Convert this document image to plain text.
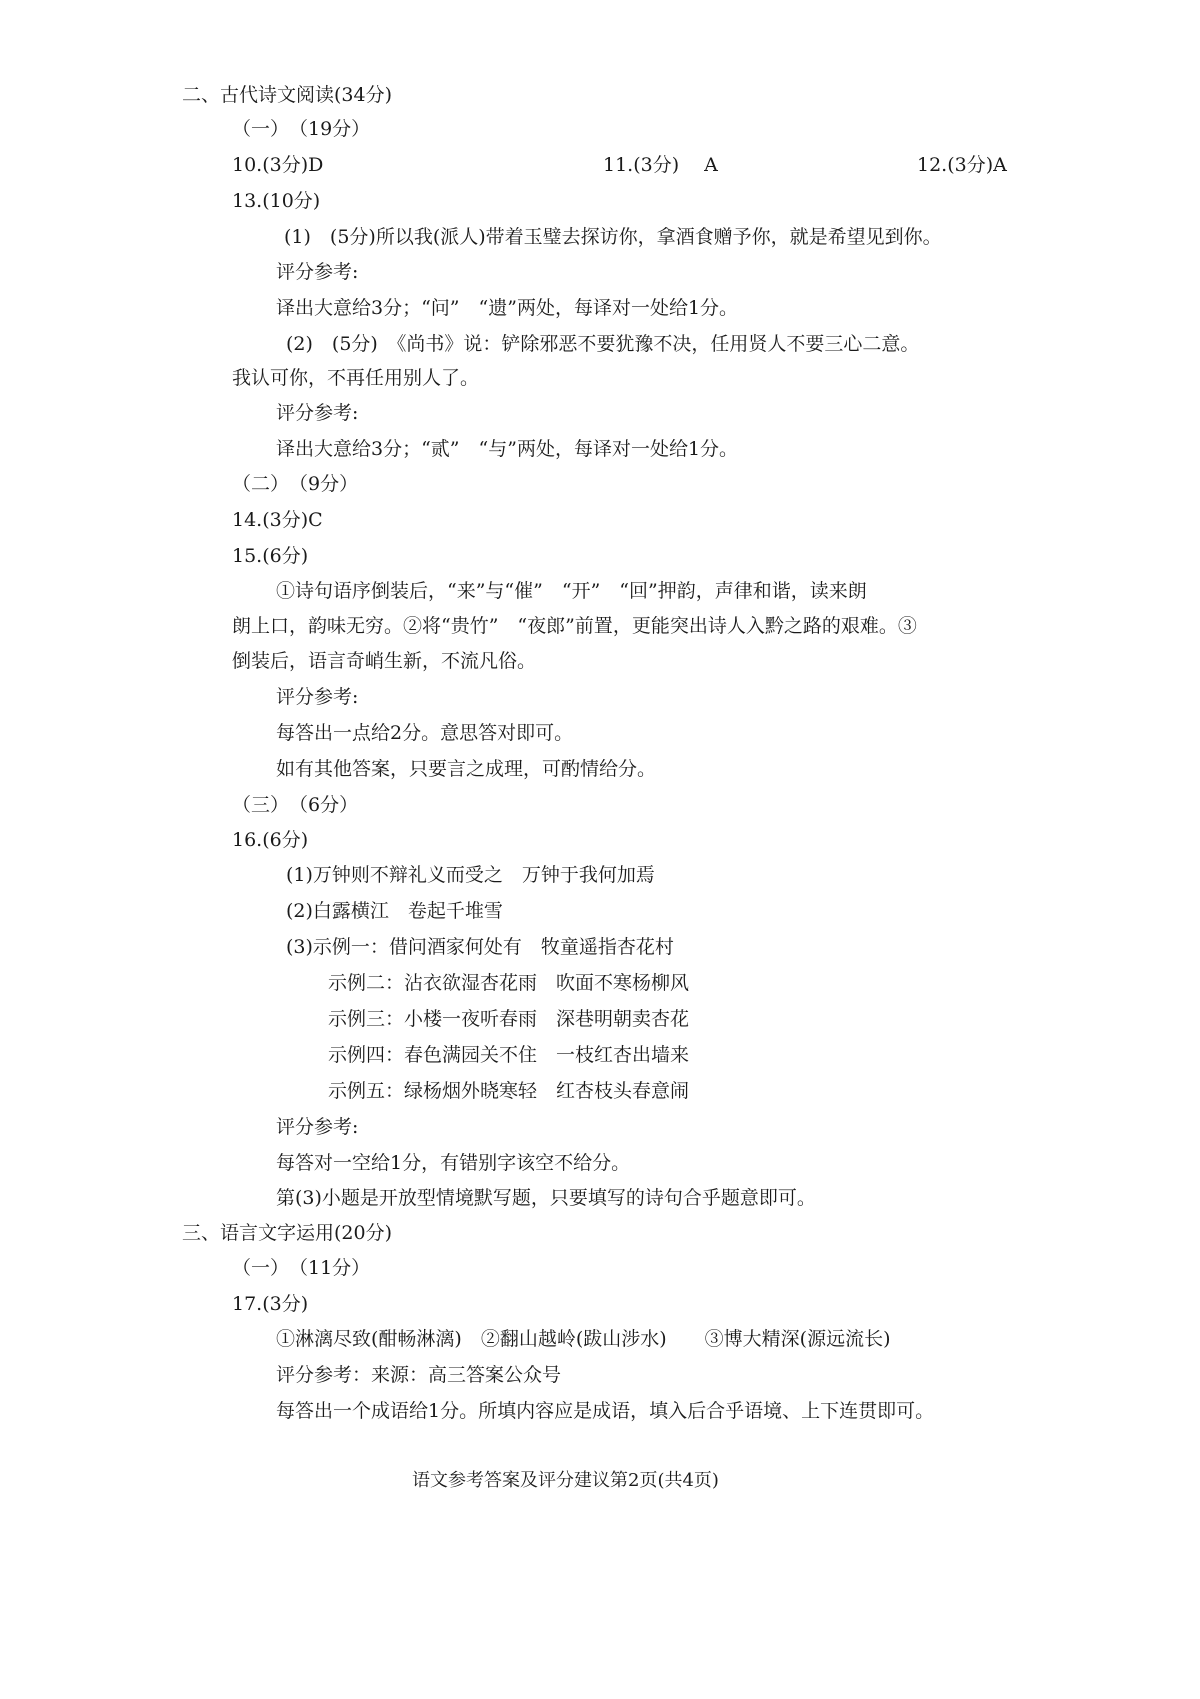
二、古代诗文阅读(34分)
（一）　（19分）
10.(3分)D	11.(3分)　 A	12.(3分)A
13.(10分)
(1)　(5分)所以我(派人)带着玉璧去探访你，拿酒食赠予你，就是希望见到你。
评分参考:
译出大意给3分；“问”　“遗”两处，每译对一处给1分。
(2)　(5分)　《尚书》说：铲除邪恶不要犹豫不决，任用贤人不要三心二意。
我认可你，不再任用别人了。
评分参考:
译出大意给3分；“贰”　“与”两处，每译对一处给1分。
（二）　（9分）
14.(3分)C
15.(6分)
①诗句语序倒装后，“来”与“催”　“开”　“回”押韵，声律和谐，读来朗
朗上口，韵味无穷。②将“贵竹”　“夜郎”前置，更能突出诗人入黔之路的艰难。③
倒装后，语言奇峭生新，不流凡俗。
评分参考:
每答出一点给2分。意思答对即可。
如有其他答案，只要言之成理，可酌情给分。
（三）　（6分）
16.(6分)
(1)万钟则不辩礼义而受之　万钟于我何加焉
(2)白露横江　卷起千堆雪
(3)示例一：借问酒家何处有　牧童遥指杏花村
示例二：沾衣欲湿杏花雨　吹面不寒杨柳风
示例三：小楼一夜听春雨　深巷明朝卖杏花
示例四：春色满园关不住　一枝红杏出墙来
示例五：绿杨烟外晓寒轻　红杏枝头春意闹
评分参考:
每答对一空给1分，有错别字该空不给分。
第(3)小题是开放型情境默写题，只要填写的诗句合乎题意即可。
三、语言文字运用(20分)
（一）　（11分）
17.(3分)
①淋漓尽致(酣畅淋漓)　②翻山越岭(跋山涉水)　　③博大精深(源远流长)
评分参考：来源：高三答案公众号
每答出一个成语给1分。所填内容应是成语，填入后合乎语境、上下连贯即可。
语文参考答案及评分建议第2页(共4页)
